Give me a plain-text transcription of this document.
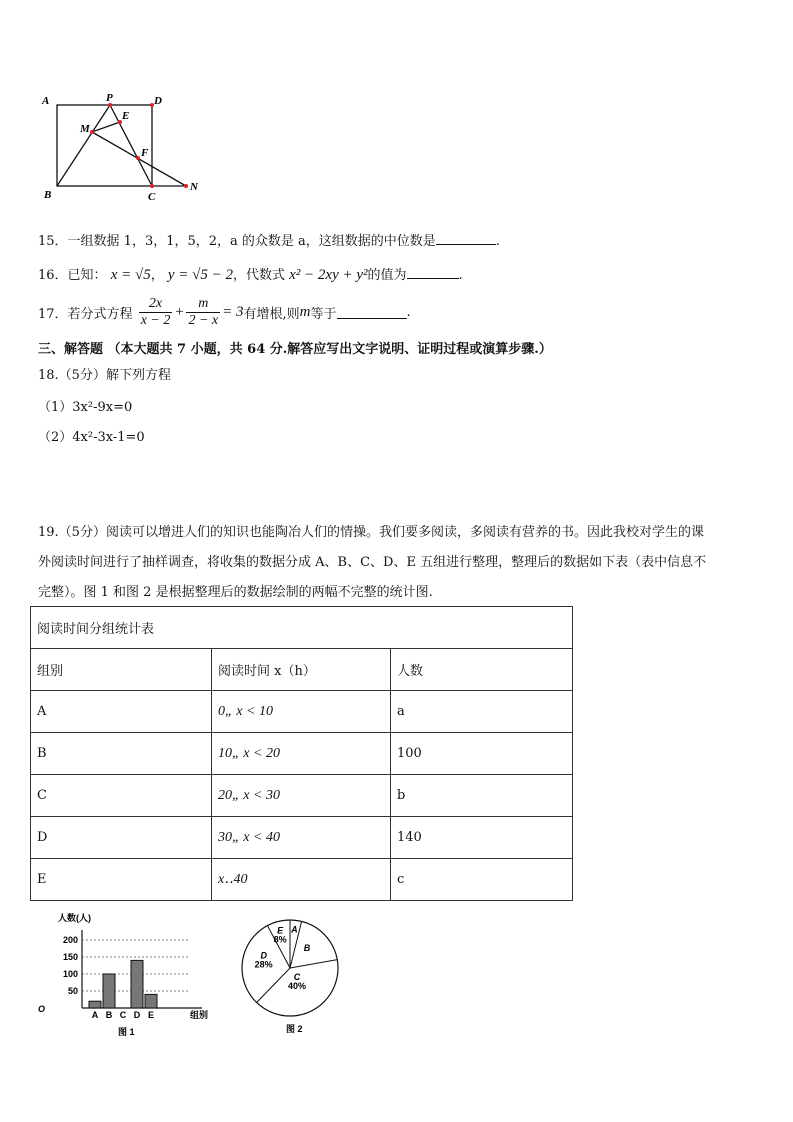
A	P	D
M
E
F
B	C
N
15．一组数据 1，3，1，5，2，a 的众数是 a，这组数据的中位数是	.
16．已知： x = √5， y = √5 − 2，代数式 x² − 2xy + y²的值为	.
17．若分式方程 $\frac{2x}{x - 2} + \frac{m}{2 - x} = 3$有增根,则m等于	.
三、解答题 （本大题共 7 小题，共 64 分.解答应写出文字说明、证明过程或演算步骤.）
18.（5分）解下列方程
（1）3x²-9x=0
（2）4x²-3x-1=0
19.（5分）阅读可以增进人们的知识也能陶冶人们的情操。我们要多阅读，多阅读有营养的书。因此我校对学生的课
外阅读时间进行了抽样调查，将收集的数据分成 A、B、C、D、E 五组进行整理，整理后的数据如下表（表中信息不
完整）。图 1 和图 2 是根据整理后的数据绘制的两幅不完整的统计图.
阅读时间分组统计表		
组别	阅读时间 x（h）	人数
A	0„ x < 10	a
B	10„ x < 20	100
C	20„ x < 30	b
D	30„ x < 40	140
E	x‥40	c
人数(人)
O
组别
图 1
50
100
150
200
A B C D E
E
8%
A
B
C
40%
D
28%
图 2
